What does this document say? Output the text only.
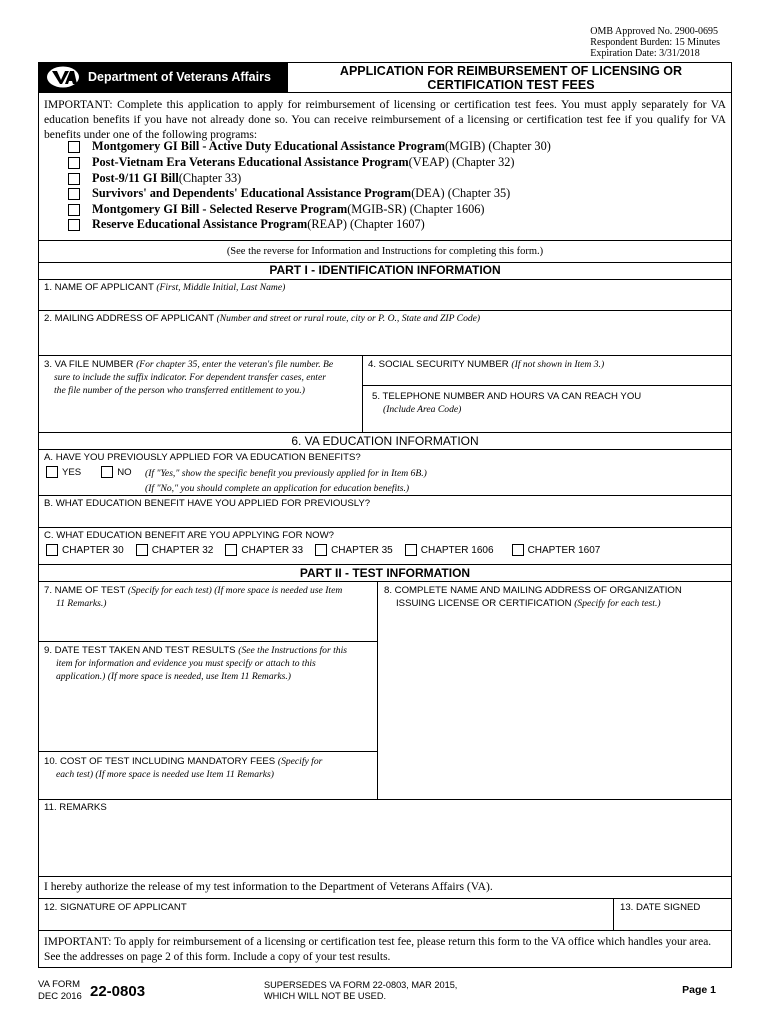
OMB Approved No. 2900-0695
Respondent Burden: 15 Minutes
Expiration Date: 3/31/2018
Department of Veterans Affairs	APPLICATION FOR REIMBURSEMENT OF LICENSING OR
CERTIFICATION TEST FEES
IMPORTANT: Complete this application to apply for reimbursement of licensing or certification test fees. You must apply separately for VA education benefits if you have not already done so. You can receive reimbursement of a licensing or certification test fee if you qualify for VA benefits under one of the following programs:
Montgomery GI Bill - Active Duty Educational Assistance Program (MGIB) (Chapter 30)
Post-Vietnam Era Veterans Educational Assistance Program (VEAP) (Chapter 32)
Post-9/11 GI Bill (Chapter 33)
Survivors' and Dependents' Educational Assistance Program (DEA) (Chapter 35)
Montgomery GI Bill - Selected Reserve Program (MGIB-SR) (Chapter 1606)
Reserve Educational Assistance Program (REAP) (Chapter 1607)
(See the reverse for Information and Instructions for completing this form.)
PART I - IDENTIFICATION INFORMATION
1. NAME OF APPLICANT (First, Middle Initial, Last Name)
2. MAILING ADDRESS OF APPLICANT (Number and street or rural route, city or P. O., State and ZIP Code)
3. VA FILE NUMBER (For chapter 35, enter the veteran's file number. Be
sure to include the suffix indicator. For dependent transfer cases, enter
the file number of the person who transferred entitlement to you.)
4. SOCIAL SECURITY NUMBER (If not shown in Item 3.)
5. TELEPHONE NUMBER AND HOURS VA CAN REACH YOU
(Include Area Code)
6. VA EDUCATION INFORMATION
A. HAVE YOU PREVIOUSLY APPLIED FOR VA EDUCATION BENEFITS?
YES	NO (If "Yes," show the specific benefit you previously applied for in Item 6B.)
(If "No," you should complete an application for education benefits.)
B. WHAT EDUCATION BENEFIT HAVE YOU APPLIED FOR PREVIOUSLY?
C. WHAT EDUCATION BENEFIT ARE YOU APPLYING FOR NOW?
CHAPTER 30	CHAPTER 32	CHAPTER 33	CHAPTER 35	CHAPTER 1606	CHAPTER 1607
PART II - TEST INFORMATION
7. NAME OF TEST (Specify for each test) (If more space is needed use Item
11 Remarks.)
8. COMPLETE NAME AND MAILING ADDRESS OF ORGANIZATION
ISSUING LICENSE OR CERTIFICATION (Specify for each test.)
9. DATE TEST TAKEN AND TEST RESULTS (See the Instructions for this
item for information and evidence you must specify or attach to this
application.) (If more space is needed, use Item 11 Remarks.)
10. COST OF TEST INCLUDING MANDATORY FEES (Specify for
each test) (If more space is needed use Item 11 Remarks)
11. REMARKS
I hereby authorize the release of my test information to the Department of Veterans Affairs (VA).
12. SIGNATURE OF APPLICANT	13. DATE SIGNED
IMPORTANT: To apply for reimbursement of a licensing or certification test fee, please return this form to the VA office which handles your area.
See the addresses on page 2 of this form. Include a copy of your test results.
VA FORM
DEC 2016 22-0803	SUPERSEDES VA FORM 22-0803, MAR 2015,
WHICH WILL NOT BE USED.	Page 1
